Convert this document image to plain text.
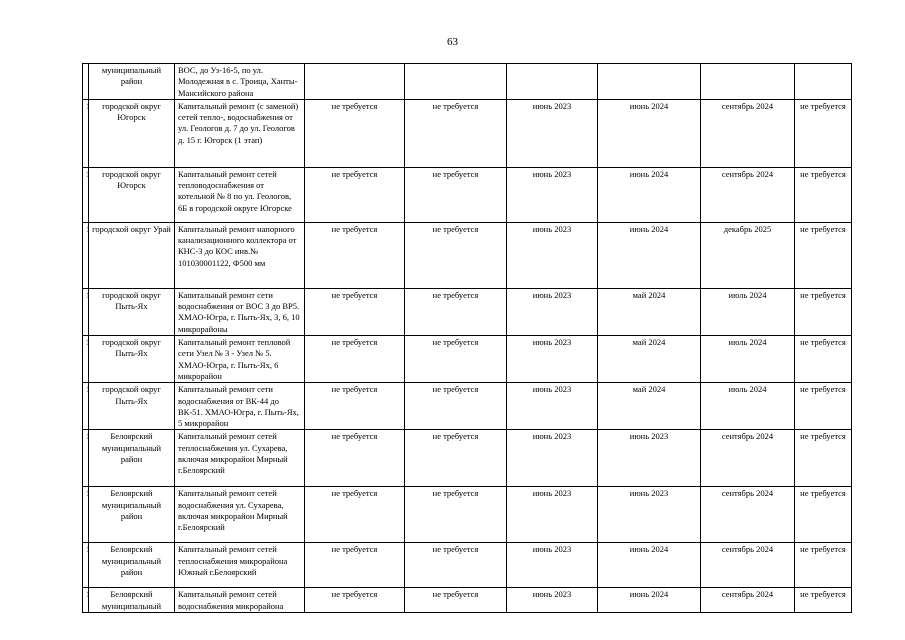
63
	муниципальный район	ВОС, до Уз-16-5, по ул. Молодежная в с. Троица, Ханты-Мансийского района						
	городской округ Югорск	Капитальный ремонт (с заменой) сетей тепло-, водоснабжения от ул. Геологов д. 7 до ул. Геологов д. 15 г. Югорск (1 этап)	не требуется	не требуется	июнь 2023	июнь 2024	сентябрь 2024	не требуется
	городской округ Югорск	Капитальный ремонт сетей тепловодоснабжения от котельной № 8 по ул. Геологов, 6Б в городской округе Югорске	не требуется	не требуется	июнь 2023	июнь 2024	сентябрь 2024	не требуется
	городской округ Урай	Капитальный ремонт напорного канализационного коллектора от КНС-3 до КОС инв.№ 101030001122, Ф500 мм	не требуется	не требуется	июнь 2023	июнь 2024	декабрь 2025	не требуется
	городской округ Пыть-Ях	Капитальный ремонт сети водоснабжения от ВОС 3 до ВР5. ХМАО-Югра, г. Пыть-Ях, 3, 6, 10 микрорайоны	не требуется	не требуется	июнь 2023	май 2024	июль 2024	не требуется
	городской округ Пыть-Ях	Капитальный ремонт тепловой сети Узел № 3 - Узел № 5. ХМАО-Югра, г. Пыть-Ях, 6 микрорайон	не требуется	не требуется	июнь 2023	май 2024	июль 2024	не требуется
	городской округ Пыть-Ях	Капитальный ремонт сети водоснабжения от ВК-44 до ВК-51. ХМАО-Югра, г. Пыть-Ях, 5 микрорайон	не требуется	не требуется	июнь 2023	май 2024	июль 2024	не требуется
	Белоярский муниципальный район	Капитальный ремонт сетей теплоснабжения ул. Сухарева, включая микрорайон Мирный г.Белоярский	не требуется	не требуется	июнь 2023	июнь 2023	сентябрь 2024	не требуется
	Белоярский муниципальный район	Капитальный ремонт сетей водоснабжения ул. Сухарева, включая микрорайон Мирный г.Белоярский	не требуется	не требуется	июнь 2023	июнь 2023	сентябрь 2024	не требуется
	Белоярский муниципальный район	Капитальный ремонт сетей теплоснабжения микрорайона Южный г.Белоярский	не требуется	не требуется	июнь 2023	июнь 2024	сентябрь 2024	не требуется
	Белоярский муниципальный	Капитальный ремонт сетей водоснабжения микрорайона	не требуется	не требуется	июнь 2023	июнь 2024	сентябрь 2024	не требуется
